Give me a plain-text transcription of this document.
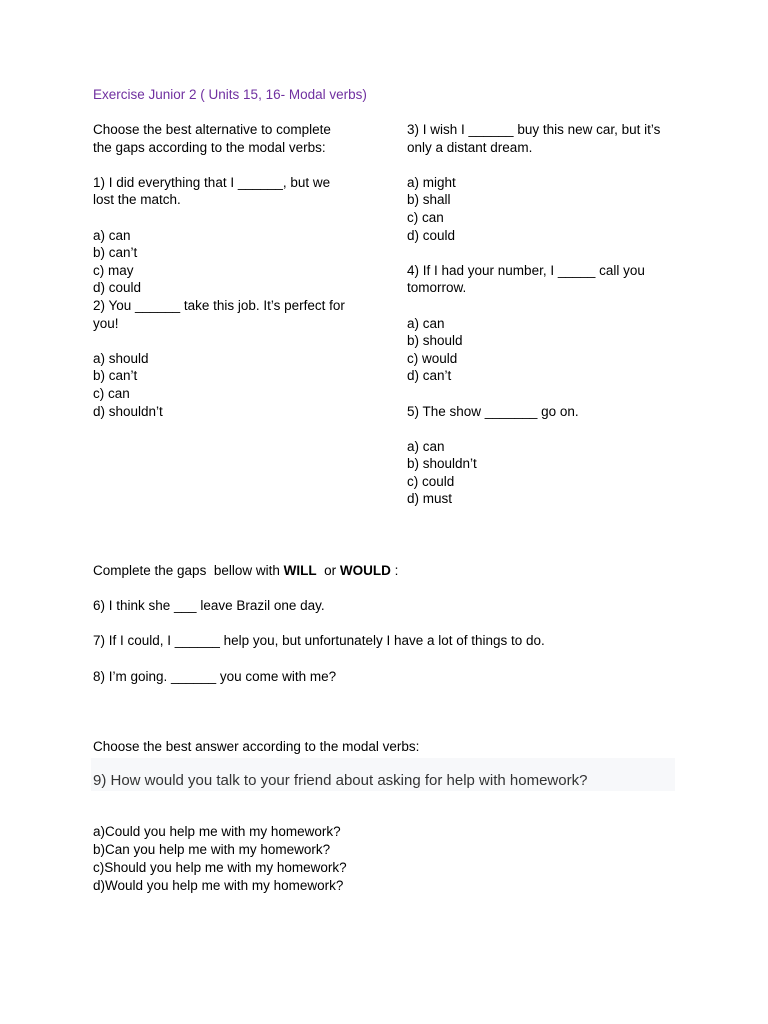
Exercise Junior 2 ( Units 15, 16- Modal verbs)
Choose the best alternative to complete
the gaps according to the modal verbs:
1) I did everything that I ______, but we
lost the match.
a) can
b) can’t
c) may
d) could
2) You ______ take this job. It’s perfect for
you!
a) should
b) can’t
c) can
d) shouldn’t
3) I wish I ______ buy this new car, but it’s
only a distant dream.
a) might
b) shall
c) can
d) could
4) If I had your number, I _____ call you
tomorrow.
a) can
b) should
c) would
d) can’t
5) The show _______ go on.
a) can
b) shouldn’t
c) could
d) must
Complete the gaps  bellow with WILL  or WOULD :
6) I think she ___ leave Brazil one day.
7) If I could, I ______ help you, but unfortunately I have a lot of things to do.
8) I’m going. ______ you come with me?
Choose the best answer according to the modal verbs:
9) How would you talk to your friend about asking for help with homework?
a)Could you help me with my homework?
b)Can you help me with my homework?
c)Should you help me with my homework?
d)Would you help me with my homework?
